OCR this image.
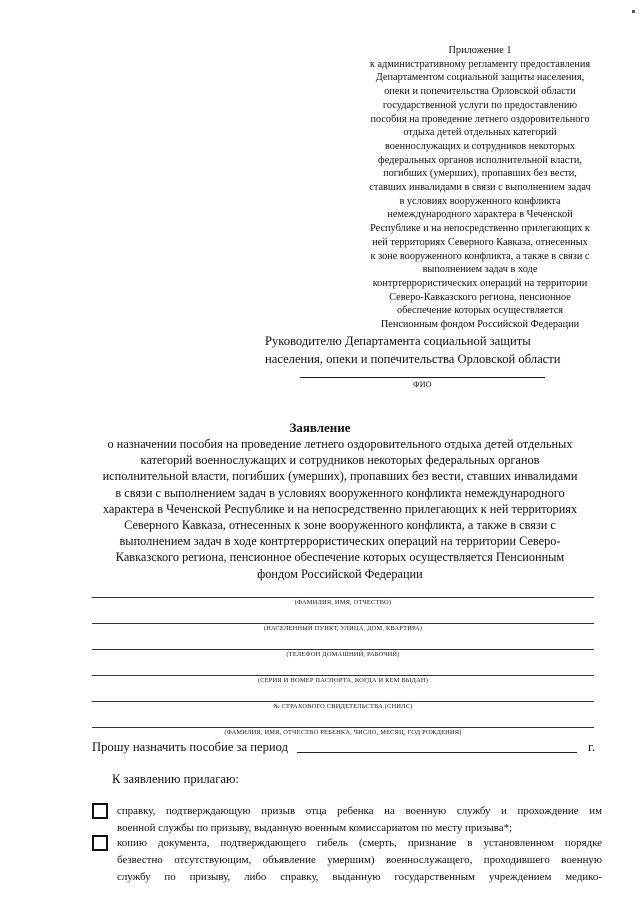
Приложение 1
к административному регламенту предоставления
Департаментом социальной защиты населения,
опеки и попечительства Орловской области
государственной услуги по предоставлению
пособия на проведение летнего оздоровительного
отдыха детей отдельных категорий
военнослужащих и сотрудников некоторых
федеральных органов исполнительной власти,
погибших (умерших), пропавших без вести,
ставших инвалидами в связи с выполнением задач
в условиях вооруженного конфликта
немеждународного характера в Чеченской
Республике и на непосредственно прилегающих к
ней территориях Северного Кавказа, отнесенных
к зоне вооруженного конфликта, а также в связи с
выполнением задач в ходе
контртеррористических операций на территории
Северо-Кавказского региона, пенсионное
обеспечение которых осуществляется
Пенсионным фондом Российской Федерации
Руководителю Департамента социальной защиты
населения, опеки и попечительства Орловской области
ФИО
Заявление
о назначении пособия на проведение летнего оздоровительного отдыха детей отдельных
категорий военнослужащих и сотрудников некоторых федеральных органов
исполнительной власти, погибших (умерших), пропавших без вести, ставших инвалидами
в связи с выполнением задач в условиях вооруженного конфликта немеждународного
характера в Чеченской Республике и на непосредственно прилегающих к ней территориях
Северного Кавказа, отнесенных к зоне вооруженного конфликта, а также в связи с
выполнением задач в ходе контртеррористических операций на территории Северо-
Кавказского региона, пенсионное обеспечение которых осуществляется Пенсионным
фондом Российской Федерации
(ФАМИЛИЯ, ИМЯ, ОТЧЕСТВО)
(НАСЕЛЕННЫЙ ПУНКТ, УЛИЦА, ДОМ, КВАРТИРА)
(ТЕЛЕФОН ДОМАШНИЙ, РАБОЧИЙ)
(СЕРИЯ И НОМЕР ПАСПОРТА, КОГДА И КЕМ ВЫДАН)
№ СТРАХОВОГО СВИДЕТЕЛЬСТВА (СНИЛС)
(ФАМИЛИЯ, ИМЯ, ОТЧЕСТВО РЕБЕНКА, ЧИСЛО, МЕСЯЦ, ГОД РОЖДЕНИЯ)
Прошу назначить пособие за период	г.
К заявлению прилагаю:
справку, подтверждающую призыв отца ребенка на военную службу и прохождение им
военной службы по призыву, выданную военным комиссариатом по месту призыва*;
копию документа, подтверждающего гибель (смерть, признание в установленном порядке
безвестно отсутствующим, объявление умершим) военнослужащего, проходившего военную
службу по призыву, либо справку, выданную государственным учреждением медико-
